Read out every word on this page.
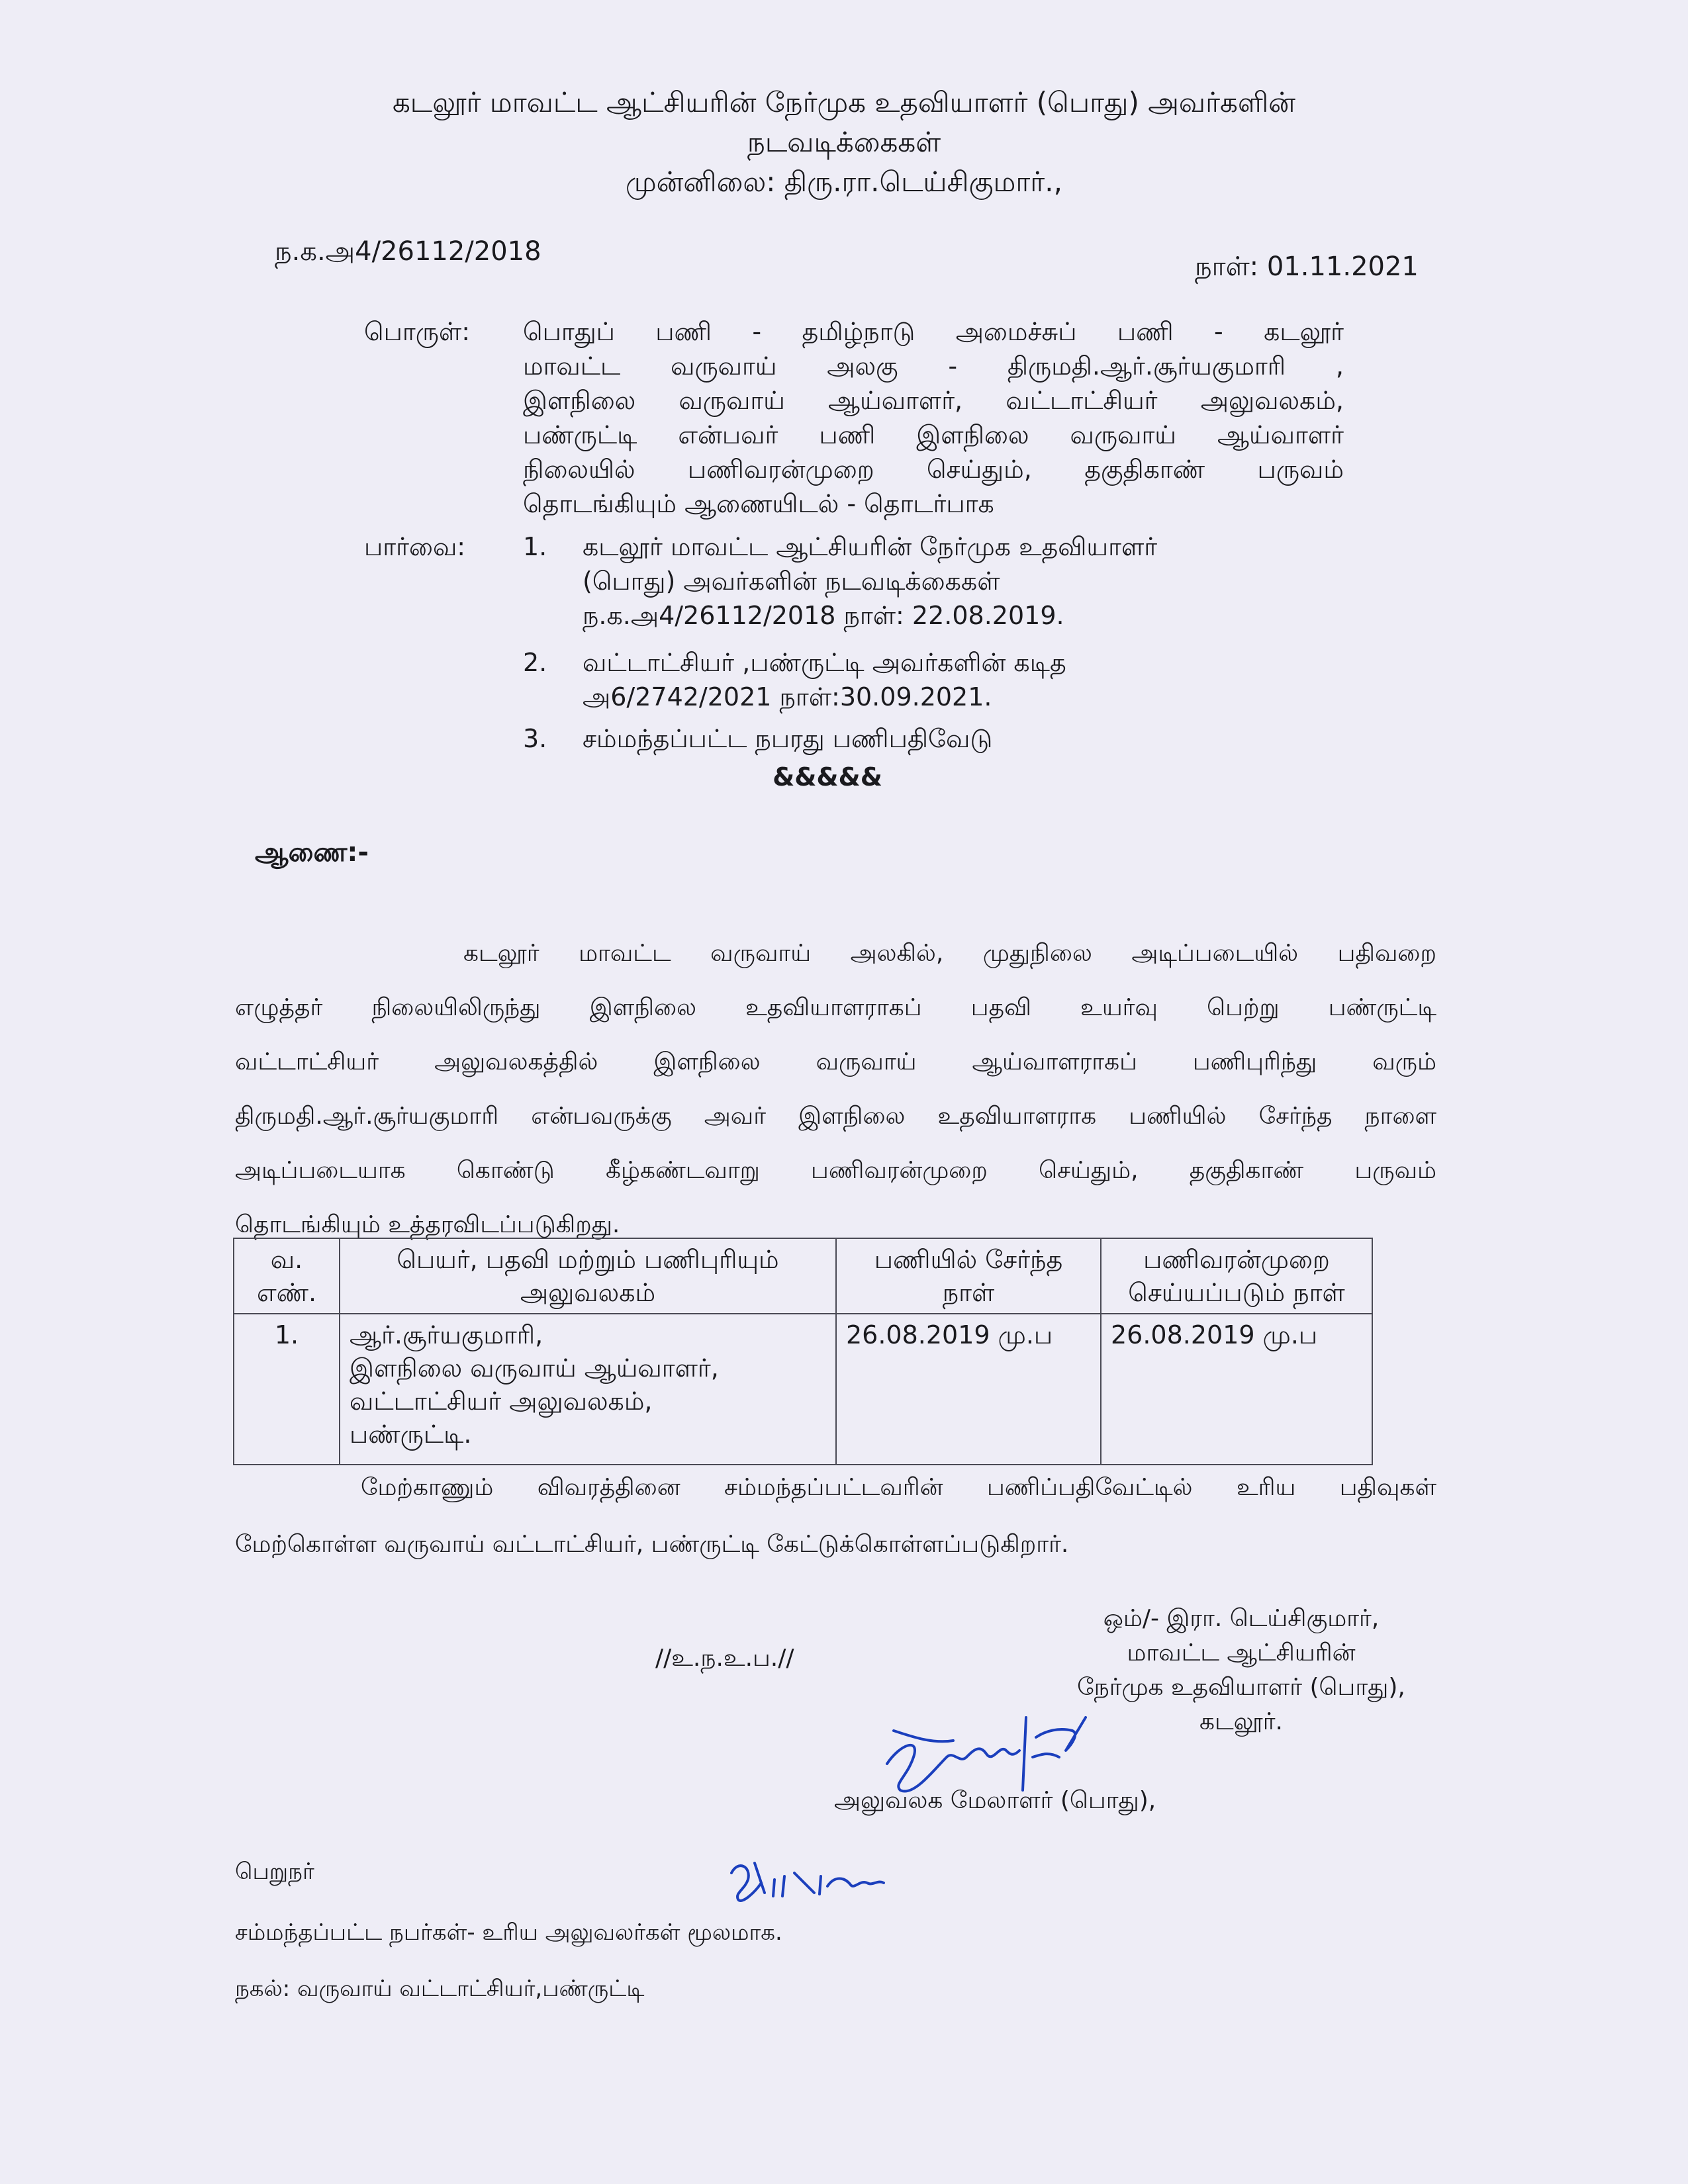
கடலூர் மாவட்ட ஆட்சியரின் நேர்முக உதவியாளர் (பொது) அவர்களின்
நடவடிக்கைகள்
முன்னிலை: திரு.ரா.டெய்சிகுமார்.,
ந.க.அ4/26112/2018	நாள்: 01.11.2021
பொருள்: பொதுப் பணி - தமிழ்நாடு அமைச்சுப் பணி - கடலூர்
மாவட்ட வருவாய் அலகு - திருமதி.ஆர்.சூர்யகுமாரி ,
இளநிலை வருவாய் ஆய்வாளர், வட்டாட்சியர் அலுவலகம்,
பண்ருட்டி என்பவர் பணி இளநிலை வருவாய் ஆய்வாளர்
நிலையில் பணிவரன்முறை செய்தும், தகுதிகாண் பருவம்
தொடங்கியும் ஆணையிடல் - தொடர்பாக
பார்வை: 1. கடலூர் மாவட்ட ஆட்சியரின் நேர்முக உதவியாளர்
(பொது) அவர்களின் நடவடிக்கைகள்
ந.க.அ4/26112/2018 நாள்: 22.08.2019.
2. வட்டாட்சியர் ,பண்ருட்டி அவர்களின் கடித
அ6/2742/2021 நாள்:30.09.2021.
3. சம்மந்தப்பட்ட நபரது பணிபதிவேடு
&&&&&
ஆணை:-
கடலூர் மாவட்ட வருவாய் அலகில், முதுநிலை அடிப்படையில் பதிவறை
எழுத்தர் நிலையிலிருந்து இளநிலை உதவியாளராகப் பதவி உயர்வு பெற்று பண்ருட்டி
வட்டாட்சியர் அலுவலகத்தில் இளநிலை வருவாய் ஆய்வாளராகப் பணிபுரிந்து வரும்
திருமதி.ஆர்.சூர்யகுமாரி என்பவருக்கு அவர் இளநிலை உதவியாளராக பணியில் சேர்ந்த நாளை
அடிப்படையாக கொண்டு கீழ்கண்டவாறு பணிவரன்முறை செய்தும், தகுதிகாண் பருவம்
தொடங்கியும் உத்தரவிடப்படுகிறது.
வ. எண்.	பெயர், பதவி மற்றும் பணிபுரியும் அலுவலகம்	பணியில் சேர்ந்த நாள்	பணிவரன்முறை செய்யப்படும் நாள்
1.	ஆர்.சூர்யகுமாரி,
இளநிலை வருவாய் ஆய்வாளர்,
வட்டாட்சியர் அலுவலகம்,
பண்ருட்டி.	26.08.2019 மு.ப	26.08.2019 மு.ப
மேற்காணும் விவரத்தினை சம்மந்தப்பட்டவரின் பணிப்பதிவேட்டில் உரிய பதிவுகள்
மேற்கொள்ள வருவாய் வட்டாட்சியர், பண்ருட்டி கேட்டுக்கொள்ளப்படுகிறார்.
ஒம்/- இரா. டெய்சிகுமார்,
மாவட்ட ஆட்சியரின்
நேர்முக உதவியாளர் (பொது),
கடலூர்.
//உ.ந.உ.ப.//
அலுவலக மேலாளர் (பொது),
பெறுநர்
சம்மந்தப்பட்ட நபர்கள்- உரிய அலுவலர்கள் மூலமாக.
நகல்: வருவாய் வட்டாட்சியர்,பண்ருட்டி
